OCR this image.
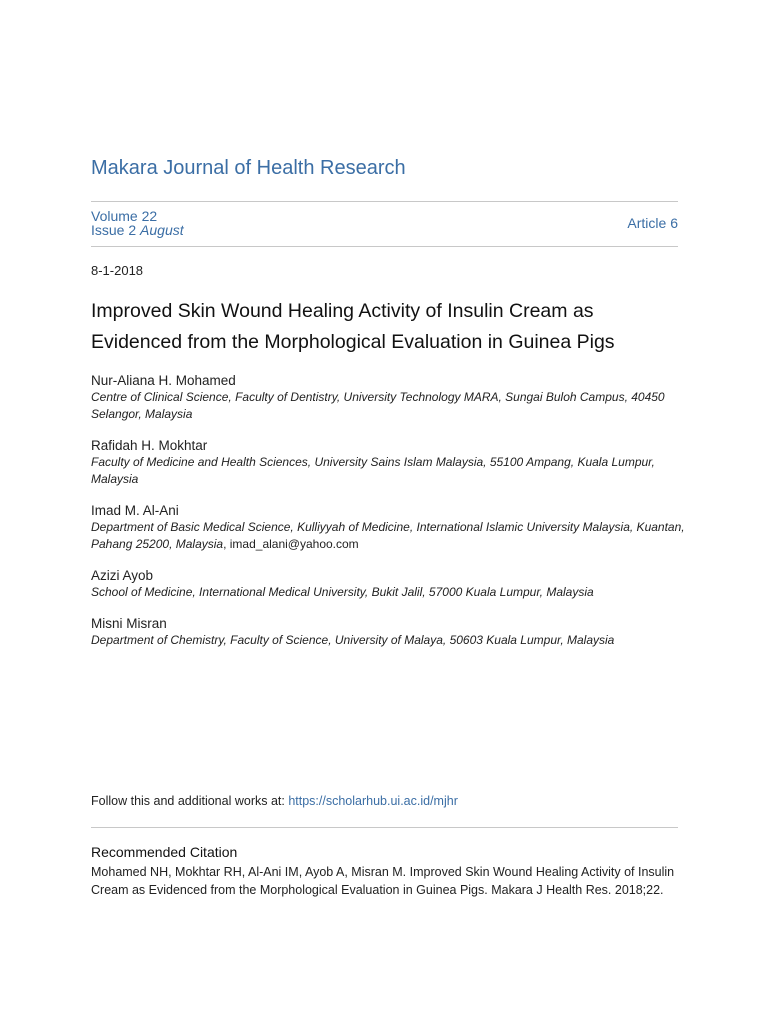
Makara Journal of Health Research
Volume 22
Issue 2 August	Article 6
8-1-2018
Improved Skin Wound Healing Activity of Insulin Cream as Evidenced from the Morphological Evaluation in Guinea Pigs
Nur-Aliana H. Mohamed
Centre of Clinical Science, Faculty of Dentistry, University Technology MARA, Sungai Buloh Campus, 40450 Selangor, Malaysia
Rafidah H. Mokhtar
Faculty of Medicine and Health Sciences, University Sains Islam Malaysia, 55100 Ampang, Kuala Lumpur, Malaysia
Imad M. Al-Ani
Department of Basic Medical Science, Kulliyyah of Medicine, International Islamic University Malaysia, Kuantan, Pahang 25200, Malaysia, imad_alani@yahoo.com
Azizi Ayob
School of Medicine, International Medical University, Bukit Jalil, 57000 Kuala Lumpur, Malaysia
Misni Misran
Department of Chemistry, Faculty of Science, University of Malaya, 50603 Kuala Lumpur, Malaysia
Follow this and additional works at: https://scholarhub.ui.ac.id/mjhr
Recommended Citation
Mohamed NH, Mokhtar RH, Al-Ani IM, Ayob A, Misran M. Improved Skin Wound Healing Activity of Insulin Cream as Evidenced from the Morphological Evaluation in Guinea Pigs. Makara J Health Res. 2018;22.
